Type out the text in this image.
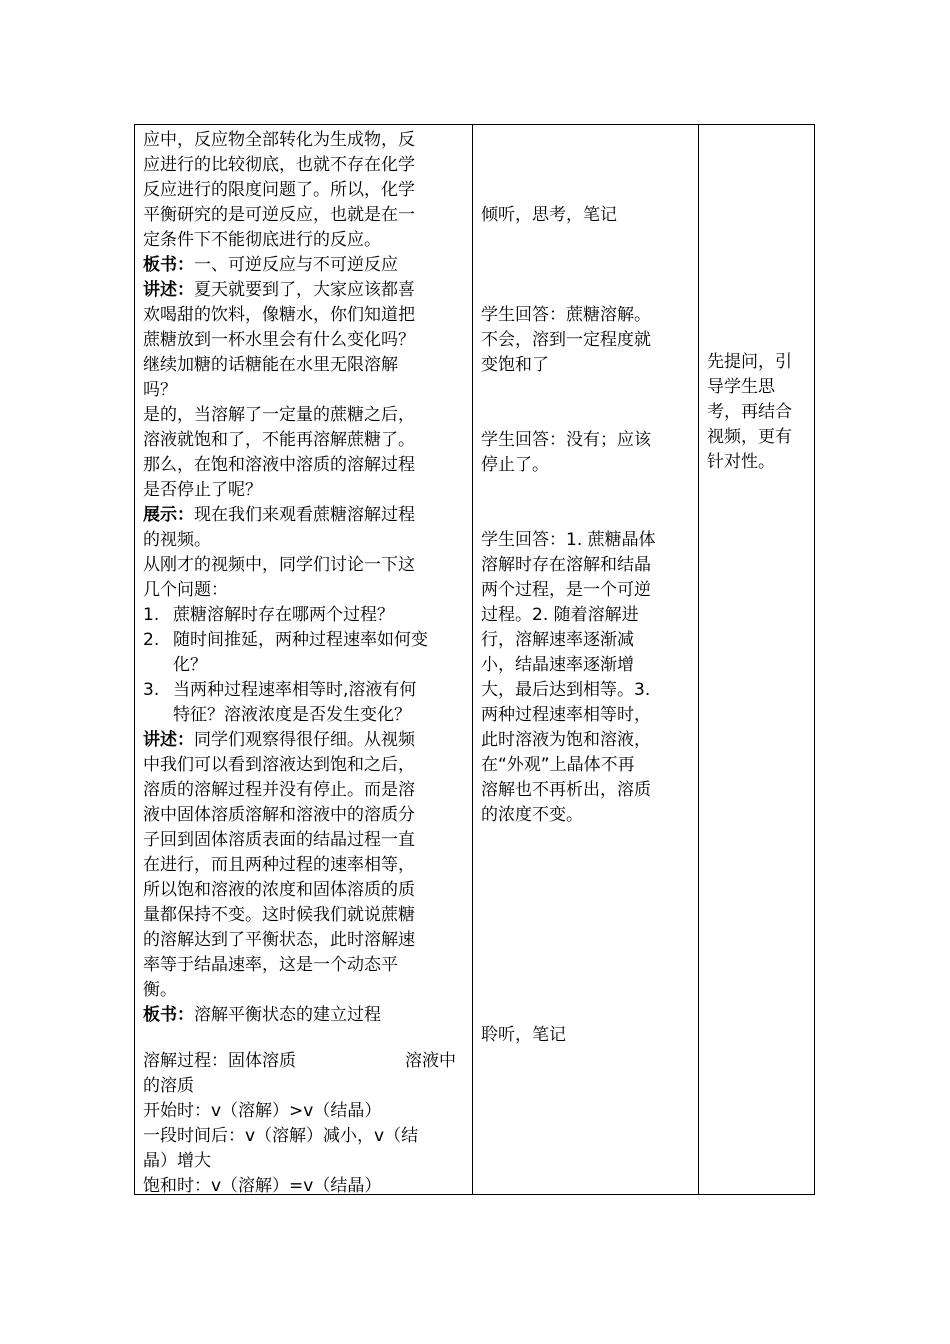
应中，反应物全部转化为生成物，反
应进行的比较彻底，也就不存在化学
反应进行的限度问题了。所以，化学
平衡研究的是可逆反应，也就是在一
定条件下不能彻底进行的反应。
板书：一、可逆反应与不可逆反应
讲述：夏天就要到了，大家应该都喜
欢喝甜的饮料，像糖水，你们知道把
蔗糖放到一杯水里会有什么变化吗？
继续加糖的话糖能在水里无限溶解
吗？
是的，当溶解了一定量的蔗糖之后，
溶液就饱和了，不能再溶解蔗糖了。
那么，在饱和溶液中溶质的溶解过程
是否停止了呢？
展示：现在我们来观看蔗糖溶解过程
的视频。
从刚才的视频中，同学们讨论一下这
几个问题：
1. 蔗糖溶解时存在哪两个过程？
2. 随时间推延，两种过程速率如何变
化？
3. 当两种过程速率相等时,溶液有何
特征？溶液浓度是否发生变化？
讲述：同学们观察得很仔细。从视频
中我们可以看到溶液达到饱和之后，
溶质的溶解过程并没有停止。而是溶
液中固体溶质溶解和溶液中的溶质分
子回到固体溶质表面的结晶过程一直
在进行，而且两种过程的速率相等，
所以饱和溶液的浓度和固体溶质的质
量都保持不变。这时候我们就说蔗糖
的溶解达到了平衡状态，此时溶解速
率等于结晶速率，这是一个动态平
衡。
板书：溶解平衡状态的建立过程
溶解过程：固体溶质	溶液中
的溶质
开始时：v（溶解）>v（结晶）
一段时间后：v（溶解）减小，v（结
晶）增大
饱和时：v（溶解）=v（结晶）
倾听，思考，笔记
学生回答：蔗糖溶解。
不会，溶到一定程度就
变饱和了
学生回答：没有；应该
停止了。
学生回答：1. 蔗糖晶体
溶解时存在溶解和结晶
两个过程，是一个可逆
过程。2. 随着溶解进
行，溶解速率逐渐减
小，结晶速率逐渐增
大，最后达到相等。3.
两种过程速率相等时，
此时溶液为饱和溶液，
在“外观”上晶体不再
溶解也不再析出，溶质
的浓度不变。
聆听，笔记
先提问，引
导学生思
考，再结合
视频，更有
针对性。
